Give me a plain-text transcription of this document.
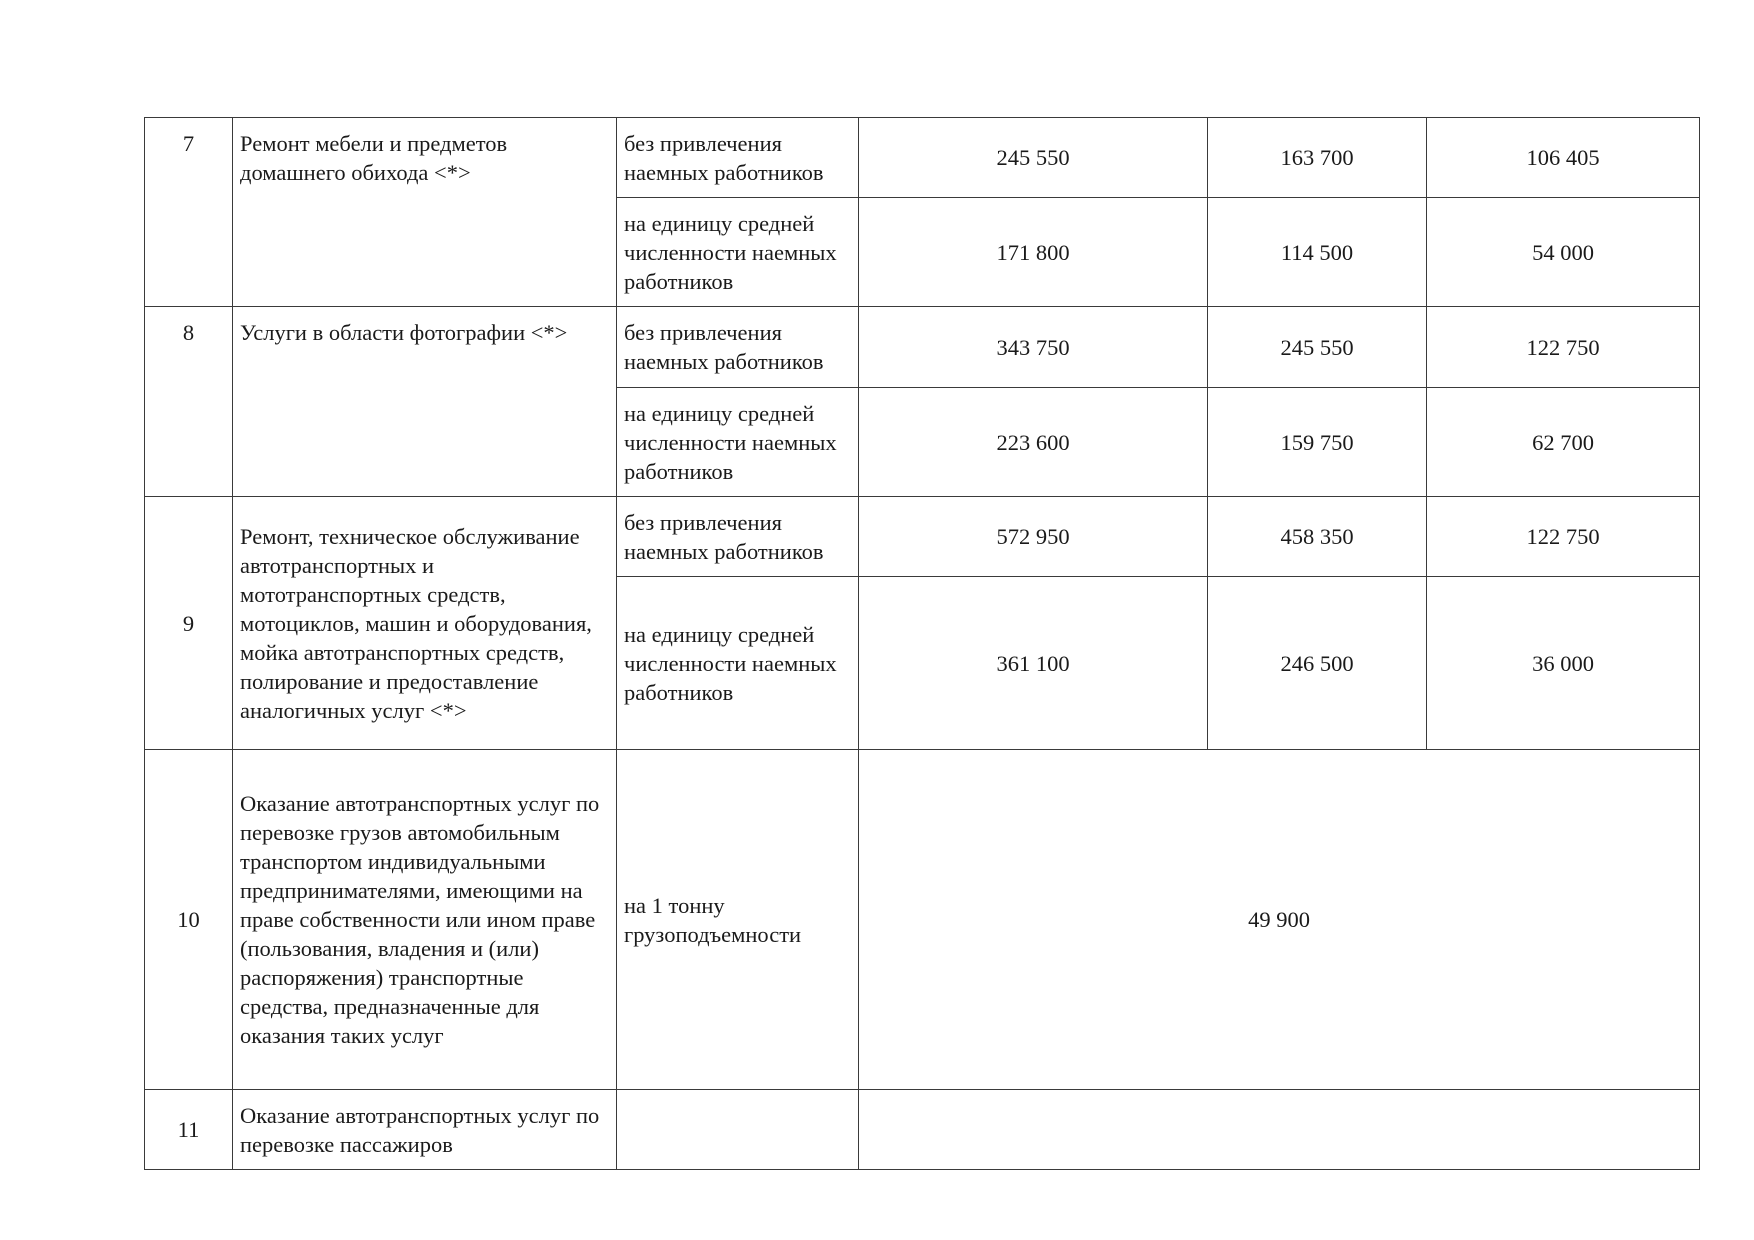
7	Ремонт мебели и предметов домашнего обихода <*>	без привлечения наемных работников	245 550	163 700	106 405
		на единицу средней численности наемных работников	171 800	114 500	54 000
8	Услуги в области фотографии <*>	без привлечения наемных работников	343 750	245 550	122 750
		на единицу средней численности наемных работников	223 600	159 750	62 700
9	Ремонт, техническое обслуживание автотранспортных и мототранспортных средств, мотоциклов, машин и оборудования, мойка автотранспортных средств, полирование и предоставление аналогичных услуг <*>	без привлечения наемных работников	572 950	458 350	122 750
		на единицу средней численности наемных работников	361 100	246 500	36 000
10	Оказание автотранспортных услуг по перевозке грузов автомобильным транспортом индивидуальными предпринимателями, имеющими на праве собственности или ином праве (пользования, владения и (или) распоряжения) транспортные средства, предназначенные для оказания таких услуг	на 1 тонну грузоподъемности	49 900		
11	Оказание автотранспортных услуг по перевозке пассажиров				
